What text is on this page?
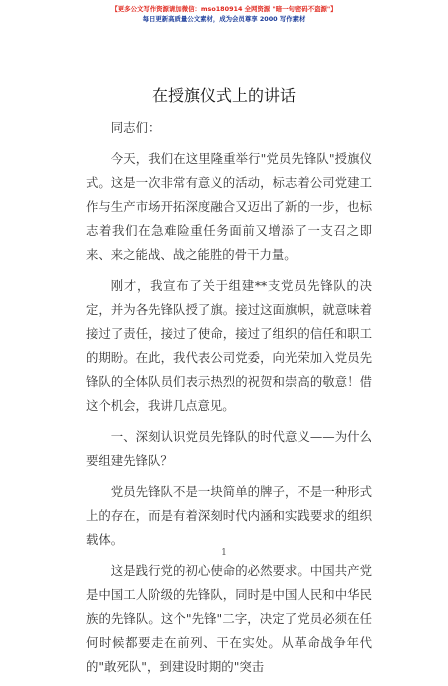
【更多公文写作资源请加微信：mso180914 全网资源 "暗一句密码不盗源"】
每日更新高质量公文素材，成为会员尊享 2000 写作素材
在授旗仪式上的讲话

同志们：

今天，我们在这里隆重举行"党员先锋队"授旗仪式。这是一次非常有意义的活动，标志着公司党建工作与生产市场开拓深度融合又迈出了新的一步，也标志着我们在急难险重任务面前又增添了一支召之即来、来之能战、战之能胜的骨干力量。

刚才，我宣布了关于组建**支党员先锋队的决定，并为各先锋队授了旗。接过这面旗帜，就意味着接过了责任，接过了使命，接过了组织的信任和职工的期盼。在此，我代表公司党委，向光荣加入党员先锋队的全体队员们表示热烈的祝贺和崇高的敬意！借这个机会，我讲几点意见。

一、深刻认识党员先锋队的时代意义——为什么要组建先锋队？

党员先锋队不是一块简单的牌子，不是一种形式上的存在，而是有着深刻时代内涵和实践要求的组织载体。

这是践行党的初心使命的必然要求。中国共产党是中国工人阶级的先锋队，同时是中国人民和中华民族的先锋队。这个"先锋"二字，决定了党员必须在任何时候都要走在前列、干在实处。从革命战争年代的"敢死队"，到建设时期的"突击

1
